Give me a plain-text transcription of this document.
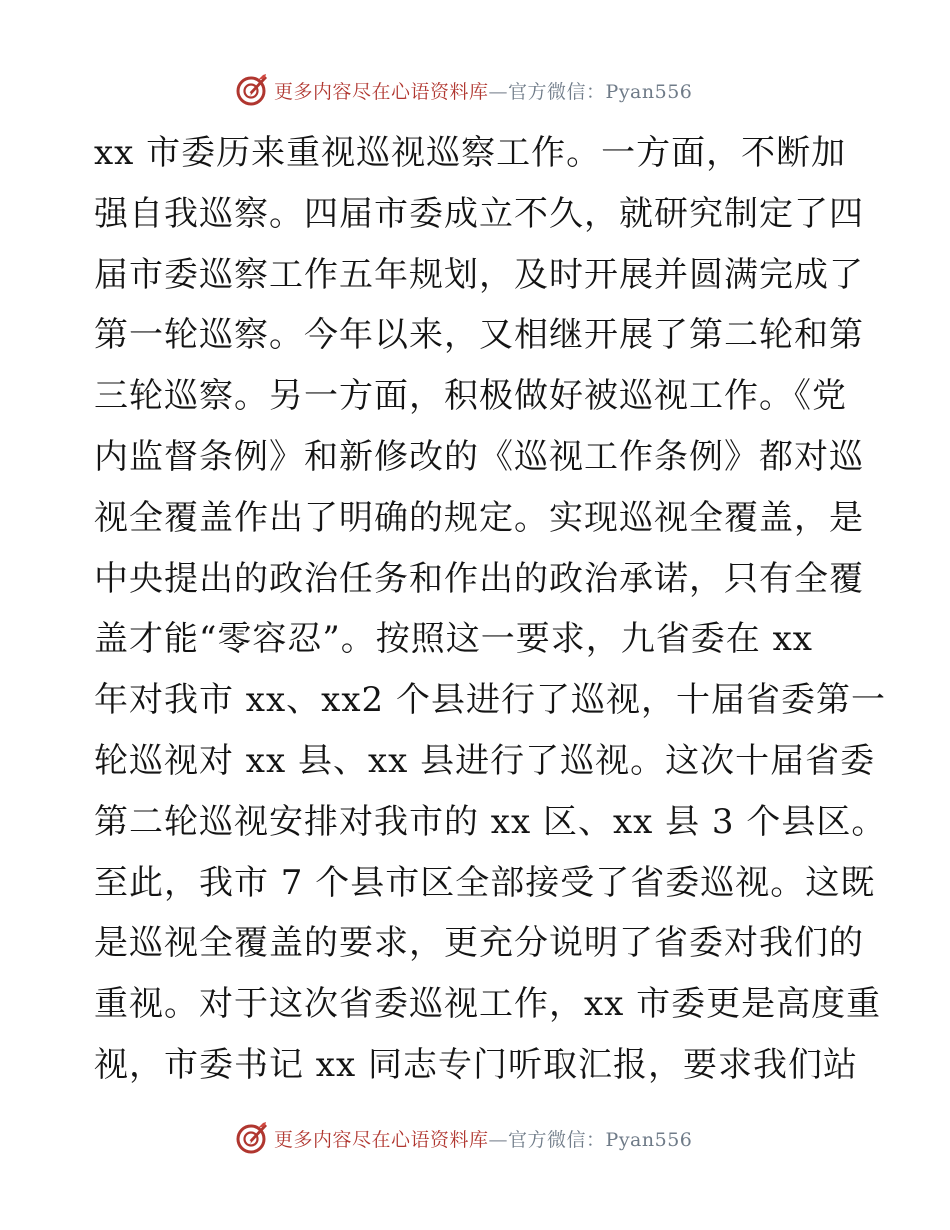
更多内容尽在心语资料库—官方微信：Pyan556
xx 市委历来重视巡视巡察工作。一方面，不断加
强自我巡察。四届市委成立不久，就研究制定了四
届市委巡察工作五年规划，及时开展并圆满完成了
第一轮巡察。今年以来，又相继开展了第二轮和第
三轮巡察。另一方面，积极做好被巡视工作。《党
内监督条例》和新修改的《巡视工作条例》都对巡
视全覆盖作出了明确的规定。实现巡视全覆盖，是
中央提出的政治任务和作出的政治承诺，只有全覆
盖才能“零容忍”。按照这一要求，九省委在 xx
年对我市 xx、xx2 个县进行了巡视，十届省委第一
轮巡视对 xx 县、xx 县进行了巡视。这次十届省委
第二轮巡视安排对我市的 xx 区、xx 县 3 个县区。
至此，我市 7 个县市区全部接受了省委巡视。这既
是巡视全覆盖的要求，更充分说明了省委对我们的
重视。对于这次省委巡视工作，xx 市委更是高度重
视，市委书记 xx 同志专门听取汇报，要求我们站
更多内容尽在心语资料库—官方微信：Pyan556
